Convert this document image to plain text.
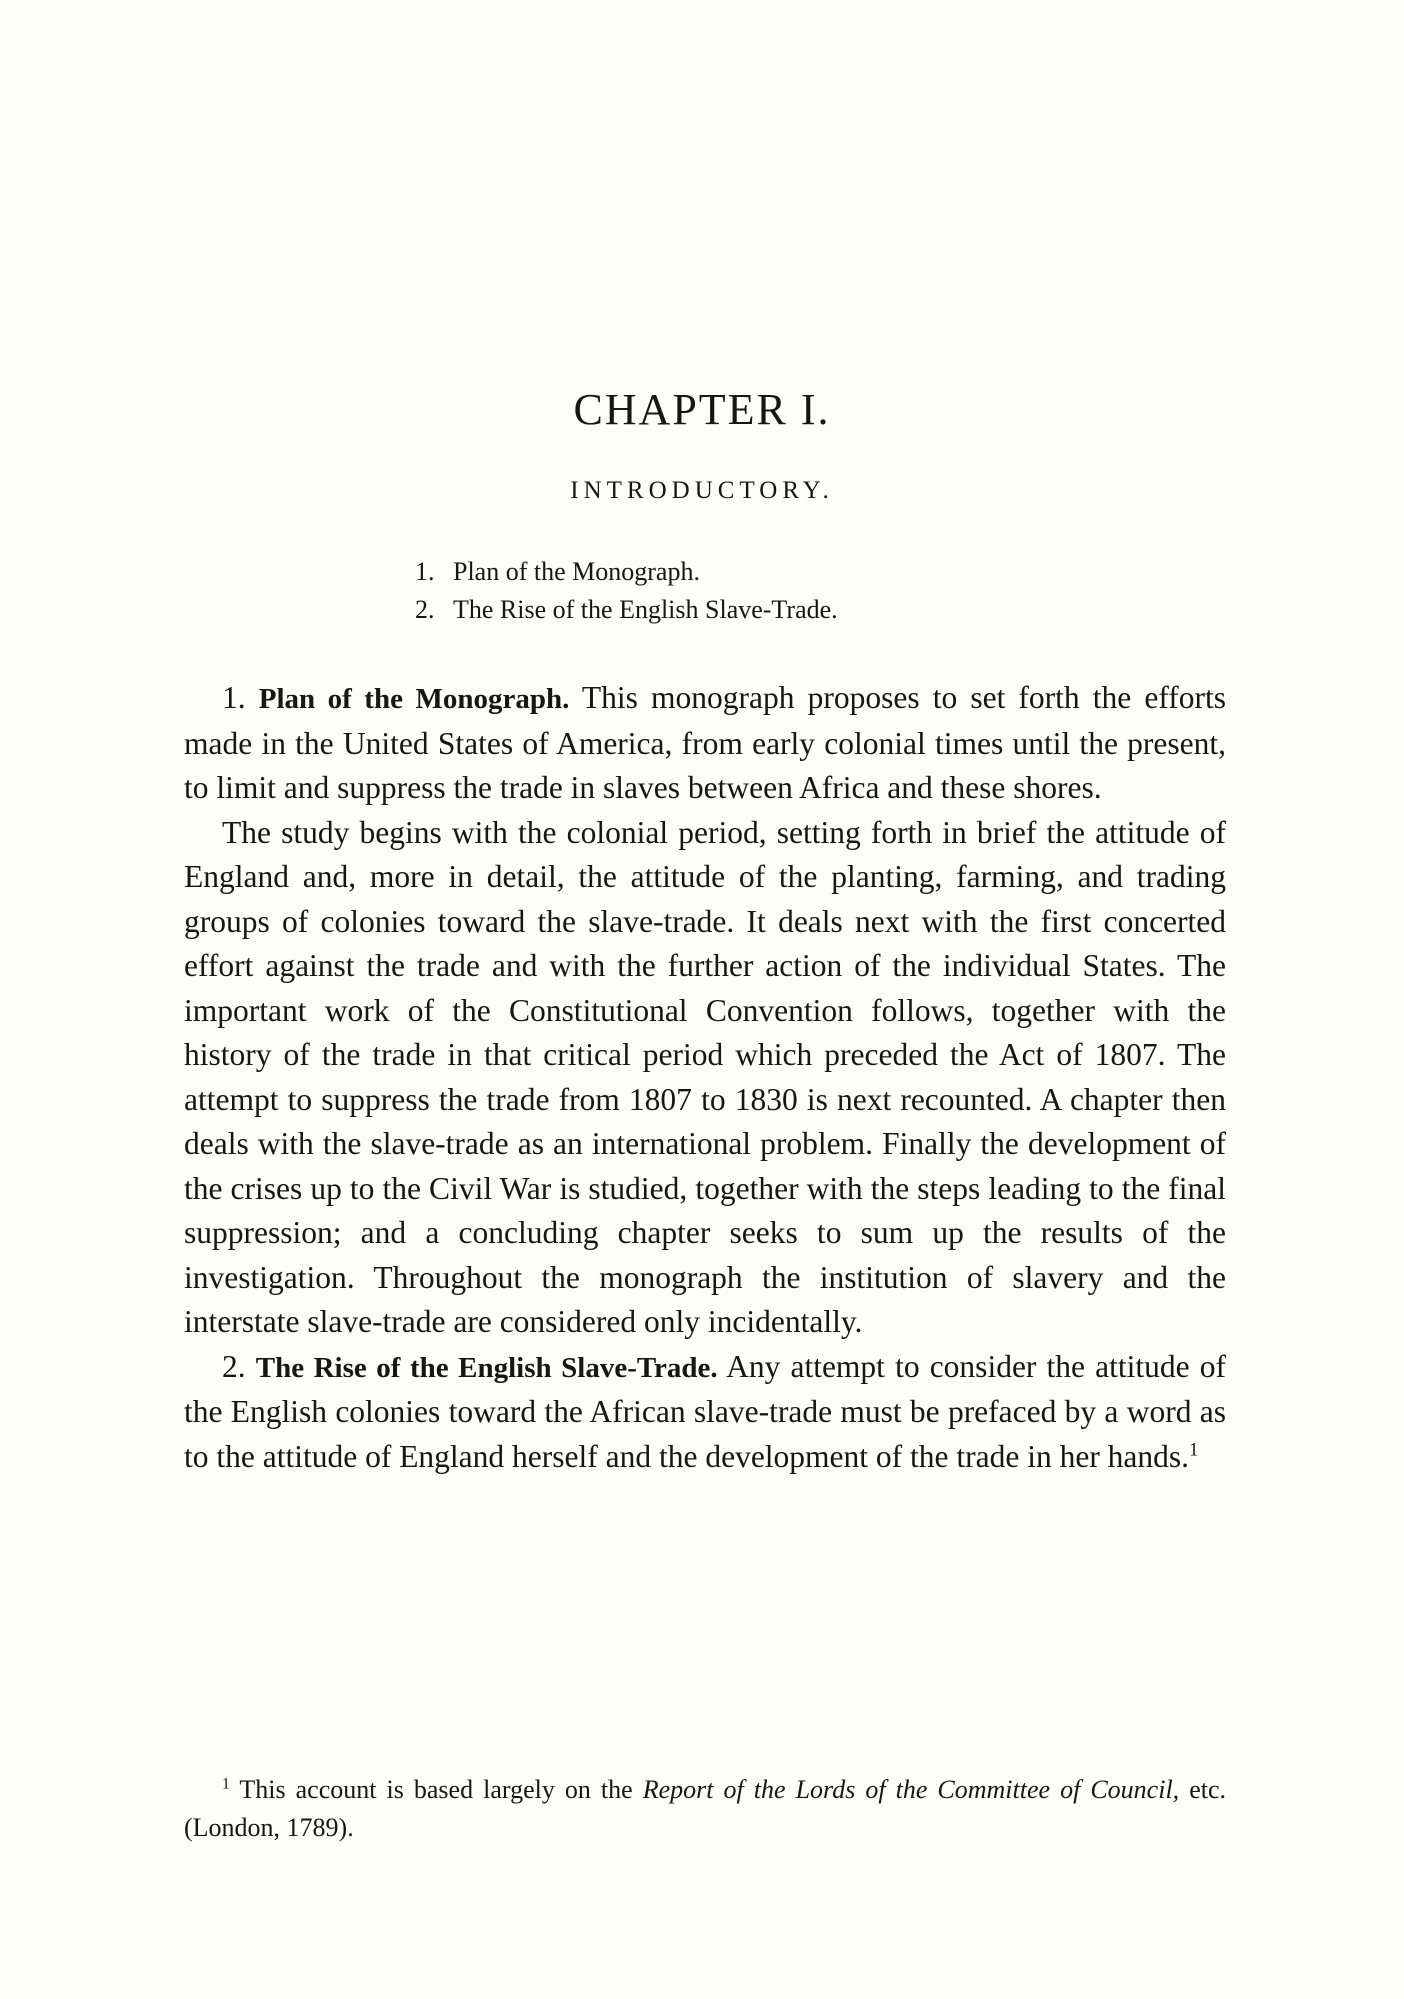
CHAPTER I.
INTRODUCTORY.
1. Plan of the Monograph.
2. The Rise of the English Slave-Trade.

1. Plan of the Monograph. This monograph proposes to set forth the efforts made in the United States of America, from early colonial times until the present, to limit and suppress the trade in slaves between Africa and these shores.

The study begins with the colonial period, setting forth in brief the attitude of England and, more in detail, the attitude of the planting, farming, and trading groups of colonies toward the slave-trade. It deals next with the first concerted effort against the trade and with the further action of the individual States. The important work of the Constitutional Convention follows, together with the history of the trade in that critical period which preceded the Act of 1807. The attempt to suppress the trade from 1807 to 1830 is next recounted. A chapter then deals with the slave-trade as an international problem. Finally the development of the crises up to the Civil War is studied, together with the steps leading to the final suppression; and a concluding chapter seeks to sum up the results of the investigation. Throughout the monograph the institution of slavery and the interstate slave-trade are considered only incidentally.

2. The Rise of the English Slave-Trade. Any attempt to consider the attitude of the English colonies toward the African slave-trade must be prefaced by a word as to the attitude of England herself and the development of the trade in her hands.$^1$

$^1$ This account is based largely on the Report of the Lords of the Committee of Council, etc. (London, 1789).
